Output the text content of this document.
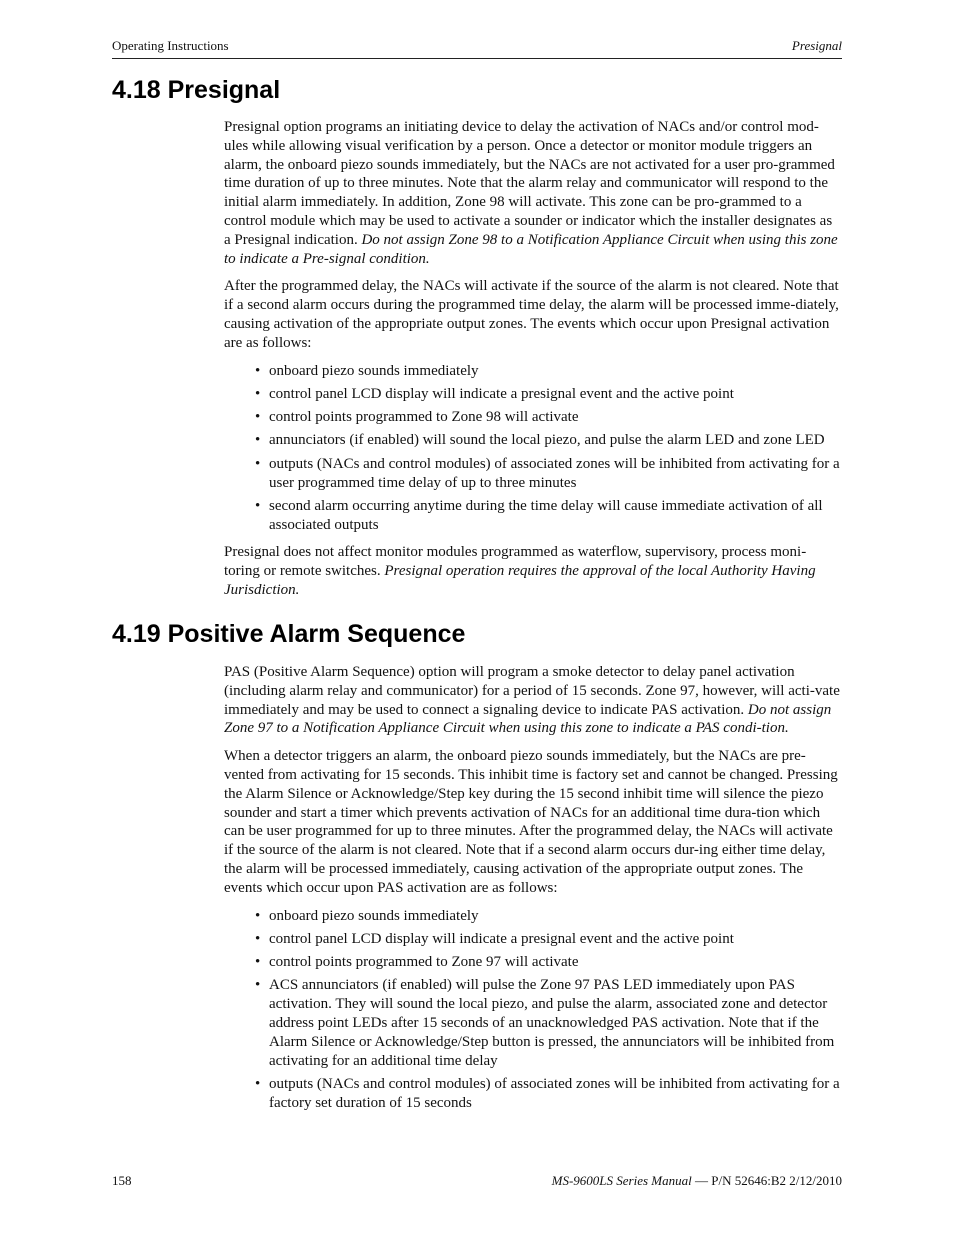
Operating Instructions	Presignal
4.18 Presignal

Presignal option programs an initiating device to delay the activation of NACs and/or control mod-ules while allowing visual verification by a person. Once a detector or monitor module triggers an alarm, the onboard piezo sounds immediately, but the NACs are not activated for a user pro-grammed time duration of up to three minutes. Note that the alarm relay and communicator will respond to the initial alarm immediately. In addition, Zone 98 will activate. This zone can be pro-grammed to a control module which may be used to activate a sounder or indicator which the installer designates as a Presignal indication. Do not assign Zone 98 to a Notification Appliance Circuit when using this zone to indicate a Pre-signal condition.

After the programmed delay, the NACs will activate if the source of the alarm is not cleared. Note that if a second alarm occurs during the programmed time delay, the alarm will be processed imme-diately, causing activation of the appropriate output zones. The events which occur upon Presignal activation are as follows:

• onboard piezo sounds immediately
• control panel LCD display will indicate a presignal event and the active point
• control points programmed to Zone 98 will activate
• annunciators (if enabled) will sound the local piezo, and pulse the alarm LED and zone LED
• outputs (NACs and control modules) of associated zones will be inhibited from activating for a user programmed time delay of up to three minutes
• second alarm occurring anytime during the time delay will cause immediate activation of all associated outputs

Presignal does not affect monitor modules programmed as waterflow, supervisory, process moni-toring or remote switches. Presignal operation requires the approval of the local Authority Having Jurisdiction.

4.19 Positive Alarm Sequence

PAS (Positive Alarm Sequence) option will program a smoke detector to delay panel activation (including alarm relay and communicator) for a period of 15 seconds. Zone 97, however, will acti-vate immediately and may be used to connect a signaling device to indicate PAS activation. Do not assign Zone 97 to a Notification Appliance Circuit when using this zone to indicate a PAS condi-tion.

When a detector triggers an alarm, the onboard piezo sounds immediately, but the NACs are pre-vented from activating for 15 seconds. This inhibit time is factory set and cannot be changed. Pressing the Alarm Silence or Acknowledge/Step key during the 15 second inhibit time will silence the piezo sounder and start a timer which prevents activation of NACs for an additional time dura-tion which can be user programmed for up to three minutes. After the programmed delay, the NACs will activate if the source of the alarm is not cleared. Note that if a second alarm occurs dur-ing either time delay, the alarm will be processed immediately, causing activation of the appropriate output zones. The events which occur upon PAS activation are as follows:

• onboard piezo sounds immediately
• control panel LCD display will indicate a presignal event and the active point
• control points programmed to Zone 97 will activate
• ACS annunciators (if enabled) will pulse the Zone 97 PAS LED immediately upon PAS activation. They will sound the local piezo, and pulse the alarm, associated zone and detector address point LEDs after 15 seconds of an unacknowledged PAS activation. Note that if the Alarm Silence or Acknowledge/Step button is pressed, the annunciators will be inhibited from activating for an additional time delay
• outputs (NACs and control modules) of associated zones will be inhibited from activating for a factory set duration of 15 seconds
158	MS-9600LS Series Manual — P/N 52646:B2 2/12/2010
